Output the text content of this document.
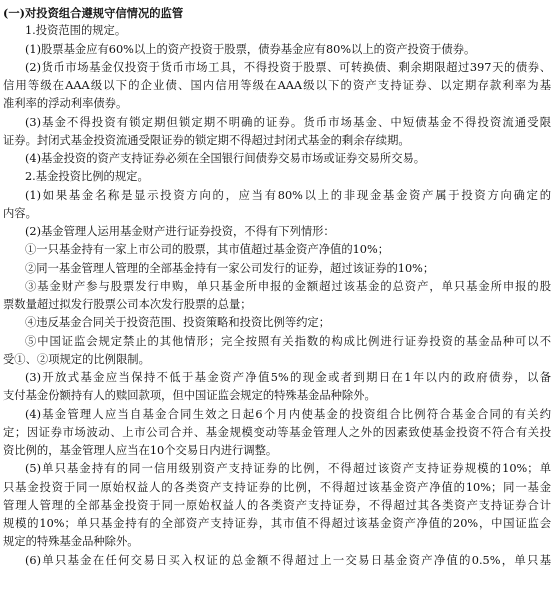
(一)对投资组合遵规守信情况的监管
1.投资范围的规定。
(1)股票基金应有60%以上的资产投资于股票，债券基金应有80%以上的资产投资于债券。
(2)货币市场基金仅投资于货币市场工具，不得投资于股票、可转换债、剩余期限超过397天的债券、
信用等级在AAA级以下的企业债、国内信用等级在AAA级以下的资产支持证券、以定期存款利率为基
准利率的浮动利率债券。
(3)基金不得投资有锁定期但锁定期不明确的证券。货币市场基金、中短债基金不得投资流通受限
证券。封闭式基金投资流通受限证券的锁定期不得超过封闭式基金的剩余存续期。
(4)基金投资的资产支持证券必须在全国银行间债券交易市场或证券交易所交易。
2.基金投资比例的规定。
(1)如果基金名称是显示投资方向的，应当有80%以上的非现金基金资产属于投资方向确定的
内容。
(2)基金管理人运用基金财产进行证券投资，不得有下列情形：
①一只基金持有一家上市公司的股票，其市值超过基金资产净值的10%；
②同一基金管理人管理的全部基金持有一家公司发行的证券，超过该证券的10%；
③基金财产参与股票发行申购，单只基金所申报的金额超过该基金的总资产，单只基金所申报的股
票数量超过拟发行股票公司本次发行股票的总量；
④违反基金合同关于投资范围、投资策略和投资比例等约定；
⑤中国证监会规定禁止的其他情形；完全按照有关指数的构成比例进行证券投资的基金品种可以不
受①、②项规定的比例限制。
(3)开放式基金应当保持不低于基金资产净值5%的现金或者到期日在1年以内的政府债券，以备
支付基金份额持有人的赎回款项，但中国证监会规定的特殊基金品种除外。
(4)基金管理人应当自基金合同生效之日起6个月内使基金的投资组合比例符合基金合同的有关约
定；因证券市场波动、上市公司合并、基金规模变动等基金管理人之外的因素致使基金投资不符合有关投
资比例的，基金管理人应当在10个交易日内进行调整。
(5)单只基金持有的同一信用级别资产支持证券的比例，不得超过该资产支持证券规模的10%；单
只基金投资于同一原始权益人的各类资产支持证券的比例，不得超过该基金资产净值的10%；同一基金
管理人管理的全部基金投资于同一原始权益人的各类资产支持证券，不得超过其各类资产支持证券合计
规模的10%；单只基金持有的全部资产支持证券，其市值不得超过该基金资产净值的20%，中国证监会
规定的特殊基金品种除外。
(6)单只基金在任何交易日买入权证的总金额不得超过上一交易日基金资产净值的0.5%，单只基
